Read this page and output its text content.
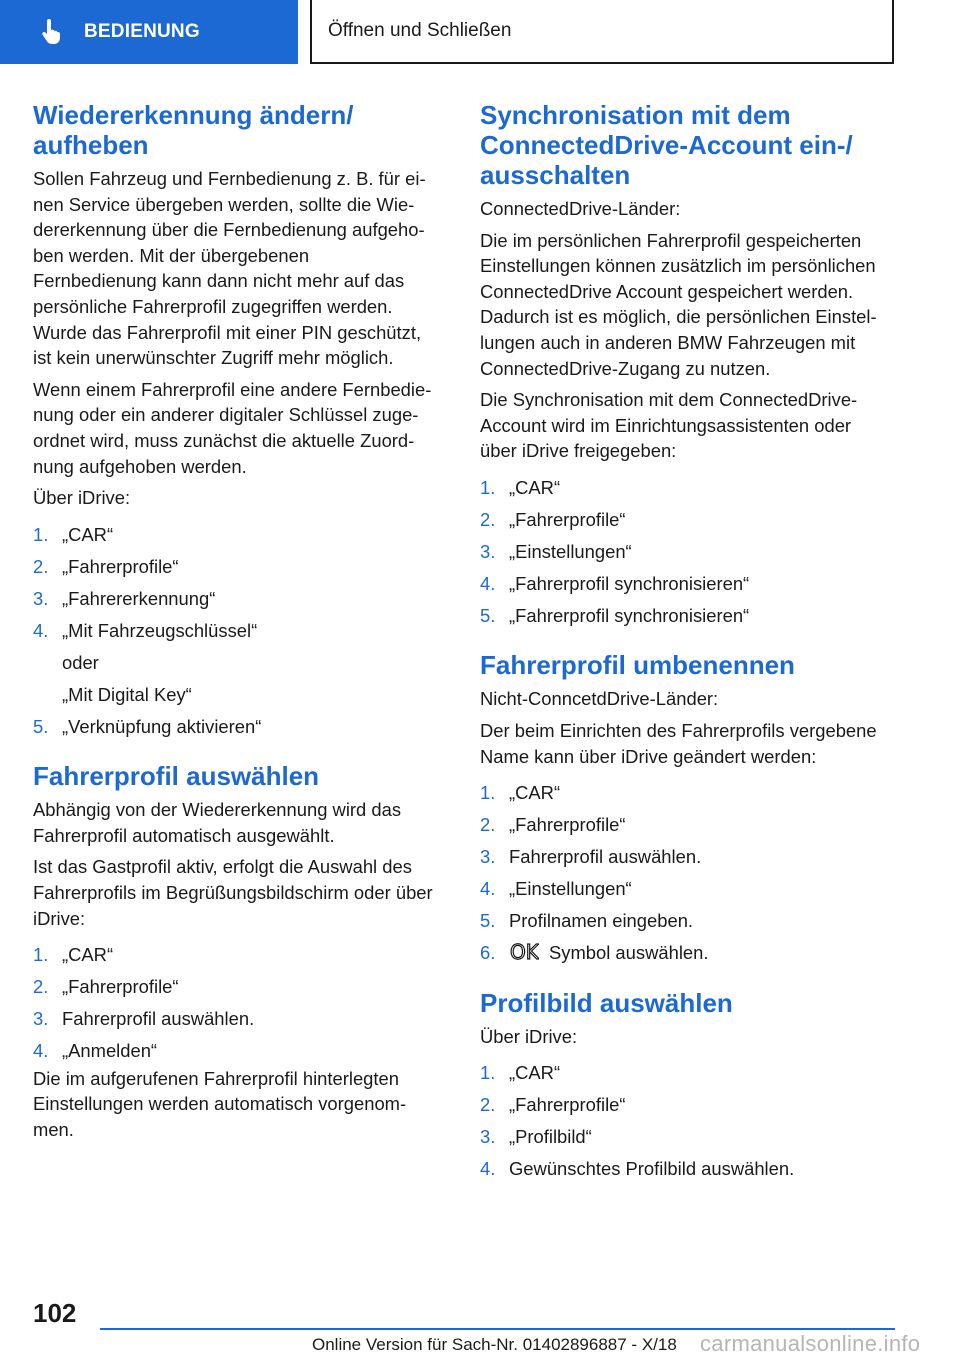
BEDIENUNG	Öffnen und Schließen
Wiedererkennung ändern/
aufheben

Sollen Fahrzeug und Fernbedienung z. B. für ei-
nen Service übergeben werden, sollte die Wie-
dererkennung über die Fernbedienung aufgeho-
ben werden. Mit der übergebenen
Fernbedienung kann dann nicht mehr auf das
persönliche Fahrerprofil zugegriffen werden.
Wurde das Fahrerprofil mit einer PIN geschützt,
ist kein unerwünschter Zugriff mehr möglich.

Wenn einem Fahrerprofil eine andere Fernbedie-
nung oder ein anderer digitaler Schlüssel zuge-
ordnet wird, muss zunächst die aktuelle Zuord-
nung aufgehoben werden.

Über iDrive:

1. „CAR“
2. „Fahrerprofile“
3. „Fahrererkennung“
4. „Mit Fahrzeugschlüssel“
oder
„Mit Digital Key“
5. „Verknüpfung aktivieren“
Fahrerprofil auswählen

Abhängig von der Wiedererkennung wird das
Fahrerprofil automatisch ausgewählt.

Ist das Gastprofil aktiv, erfolgt die Auswahl des
Fahrerprofils im Begrüßungsbildschirm oder über
iDrive:

1. „CAR“
2. „Fahrerprofile“
3. Fahrerprofil auswählen.
4. „Anmelden“

Die im aufgerufenen Fahrerprofil hinterlegten
Einstellungen werden automatisch vorgenom-
men.

Synchronisation mit dem
ConnectedDrive-Account ein-/
ausschalten

ConnectedDrive-Länder:

Die im persönlichen Fahrerprofil gespeicherten
Einstellungen können zusätzlich im persönlichen
ConnectedDrive Account gespeichert werden.
Dadurch ist es möglich, die persönlichen Einstel-
lungen auch in anderen BMW Fahrzeugen mit
ConnectedDrive-Zugang zu nutzen.

Die Synchronisation mit dem ConnectedDrive-
Account wird im Einrichtungsassistenten oder
über iDrive freigegeben:

1. „CAR“
2. „Fahrerprofile“
3. „Einstellungen“
4. „Fahrerprofil synchronisieren“
5. „Fahrerprofil synchronisieren“
Fahrerprofil umbenennen

Nicht-ConncetdDrive-Länder:

Der beim Einrichten des Fahrerprofils vergebene
Name kann über iDrive geändert werden:

1. „CAR“
2. „Fahrerprofile“
3. Fahrerprofil auswählen.
4. „Einstellungen“
5. Profilnamen eingeben.
6. OK Symbol auswählen.
Profilbild auswählen

Über iDrive:

1. „CAR“
2. „Fahrerprofile“
3. „Profilbild“
4. Gewünschtes Profilbild auswählen.
102
Online Version für Sach-Nr. 01402896887 - X/18 carmanualsonline.info
